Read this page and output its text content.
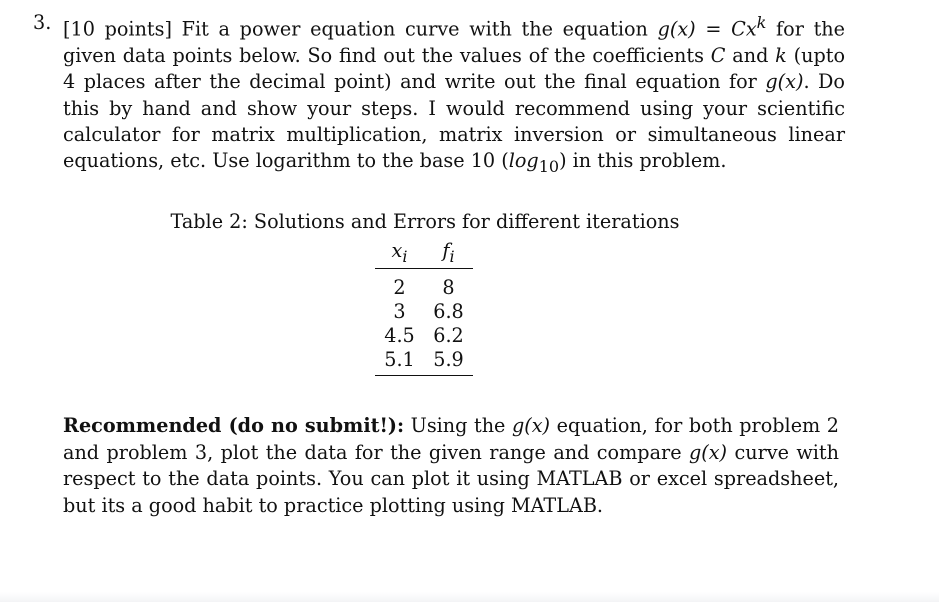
3. [10 points] Fit a power equation curve with the equation $g(x) = Cx^k$ for the given data points below. So find out the values of the coefficients C and k (upto 4 places after the decimal point) and write out the final equation for g(x). Do this by hand and show your steps. I would recommend using your scientific calculator for matrix multiplication, matrix inversion or simultaneous linear equations, etc. Use logarithm to the base 10 $(\log_{10})$ in this problem.
Table 2: Solutions and Errors for different iterations
$x_i$	$f_i$
2	8
3	6.8
4.5	6.2
5.1	5.9
Recommended (do no submit!): Using the g(x) equation, for both problem 2 and problem 3, plot the data for the given range and compare g(x) curve with respect to the data points. You can plot it using MATLAB or excel spreadsheet, but its a good habit to practice plotting using MATLAB.
